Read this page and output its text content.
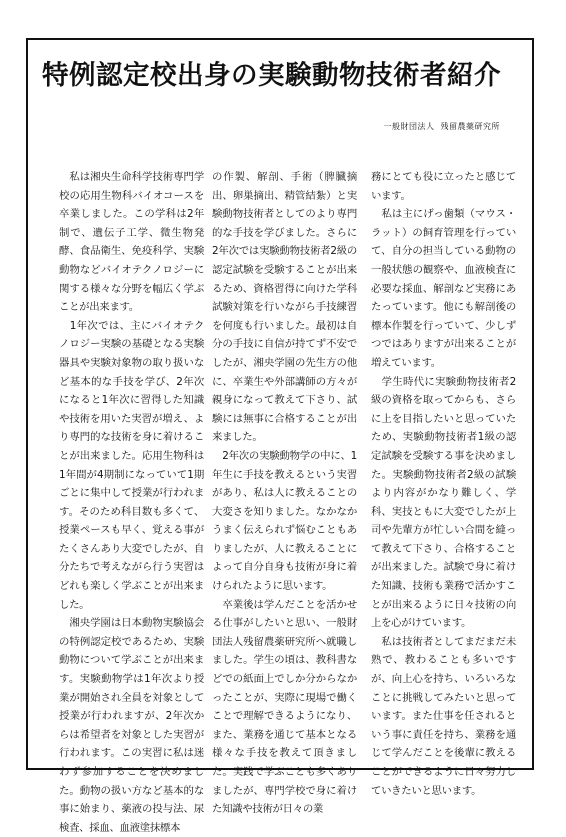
特例認定校出身の実験動物技術者紹介
一般財団法人 残留農薬研究所

私は湘央生命科学技術専門学校の応用生物科バイオコースを卒業しました。この学科は2年制で、遺伝子工学、微生物発酵、食品衛生、免疫科学、実験動物などバイオテクノロジーに関する様々な分野を幅広く学ぶことが出来ます。

1年次では、主にバイオテクノロジー実験の基礎となる実験器具や実験対象物の取り扱いなど基本的な手技を学び、2年次になると1年次に習得した知識や技術を用いた実習が増え、より専門的な技術を身に着けることが出来ました。応用生物科は1年間が4期制になっていて1期ごとに集中して授業が行われます。そのため科目数も多くて、授業ペースも早く、覚える事がたくさんあり大変でしたが、自分たちで考えながら行う実習はどれも楽しく学ぶことが出来ました。

湘央学園は日本動物実験協会の特例認定校であるため、実験動物について学ぶことが出来ます。実験動物学は1年次より授業が開始され全員を対象として授業が行われますが、2年次からは希望者を対象とした実習が行われます。この実習に私は迷わず参加することを決めました。動物の扱い方など基本的な事に始まり、薬液の投与法、尿検査、採血、血液塗抹標本

の作製、解剖、手術（脾臓摘出、卵巣摘出、精管結紮）と実験動物技術者としてのより専門的な手技を学びました。さらに2年次では実験動物技術者2級の認定試験を受験することが出来るため、資格習得に向けた学科試験対策を行いながら手技練習を何度も行いました。最初は自分の手技に自信が持てず不安でしたが、湘央学園の先生方の他に、卒業生や外部講師の方々が親身になって教えて下さり、試験には無事に合格することが出来ました。

2年次の実験動物学の中に、1年生に手技を教えるという実習があり、私は人に教えることの大変さを知りました。なかなかうまく伝えられず悩むこともありましたが、人に教えることによって自分自身も技術が身に着けられたように思います。

卒業後は学んだことを活かせる仕事がしたいと思い、一般財団法人残留農薬研究所へ就職しました。学生の頃は、教科書などでの紙面上でしか分からなかったことが、実際に現場で働くことで理解できるようになり、また、業務を通じて基本となる様々な手技を教えて頂きました。実践で学ぶことも多くありましたが、専門学校で身に着けた知識や技術が日々の業

務にとても役に立ったと感じています。

私は主にげっ歯類（マウス・ラット）の飼育管理を行っていて、自分の担当している動物の一般状態の観察や、血液検査に必要な採血、解剖など実務にあたっています。他にも解剖後の標本作製を行っていて、少しずつではありますが出来ることが増えています。

学生時代に実験動物技術者2級の資格を取ってからも、さらに上を目指したいと思っていたため、実験動物技術者1級の認定試験を受験する事を決めました。実験動物技術者2級の試験より内容がかなり難しく、学科、実技ともに大変でしたが上司や先輩方が忙しい合間を縫って教えて下さり、合格することが出来ました。試験で身に着けた知識、技術も業務で活かすことが出来るように日々技術の向上を心がけています。

私は技術者としてまだまだ未熟で、教わることも多いですが、向上心を持ち、いろいろなことに挑戦してみたいと思っています。また仕事を任されるという事に責任を持ち、業務を通じて学んだことを後輩に教えることができるように日々努力していきたいと思います。
